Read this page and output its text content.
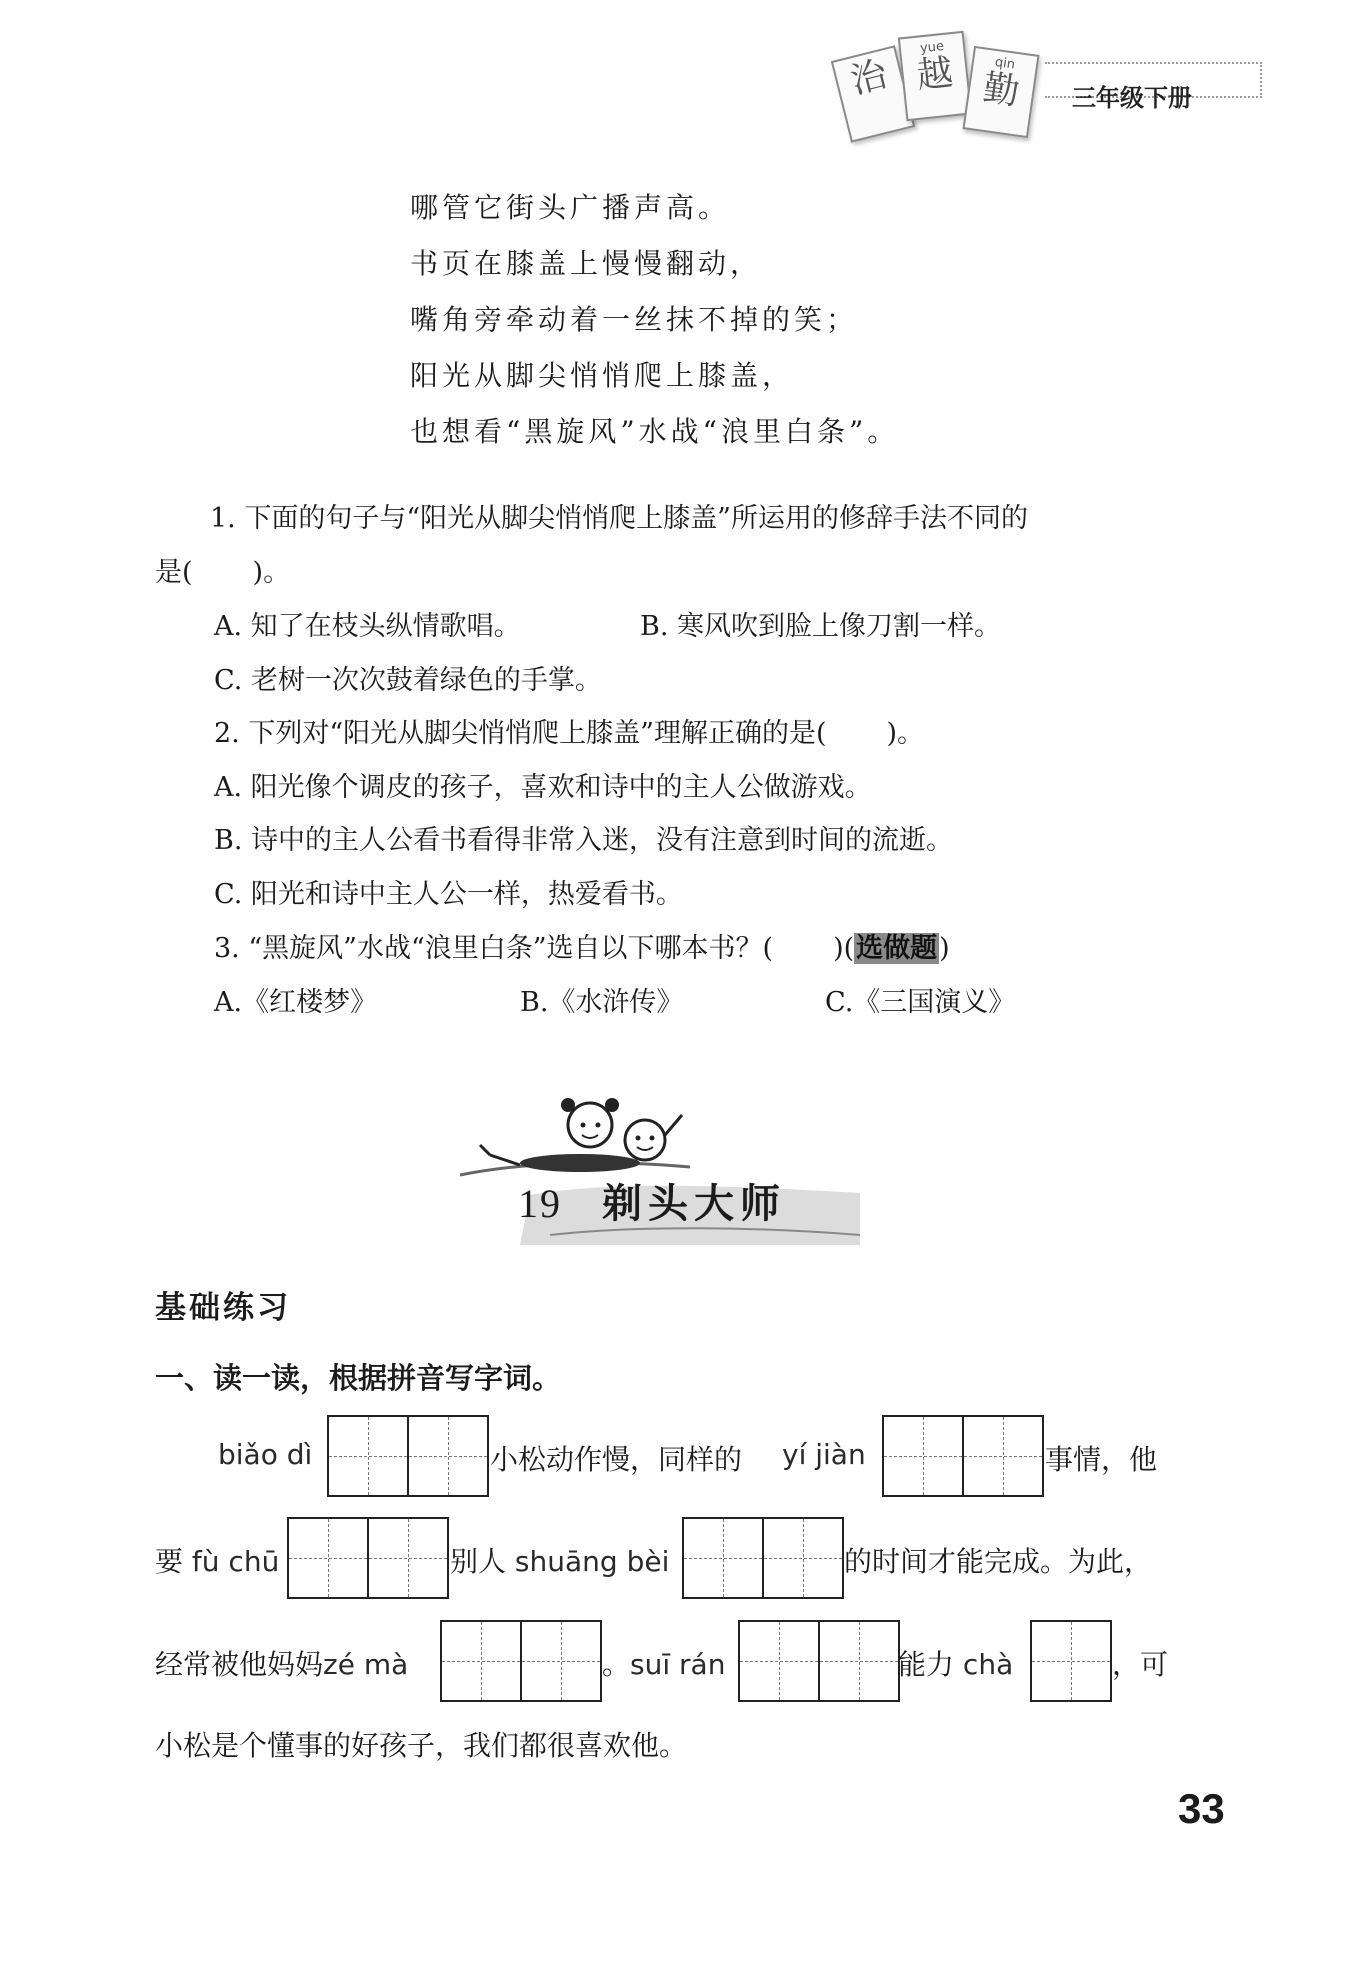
治
yue
越	qin
勤	三年级下册
哪管它街头广播声高。
书页在膝盖上慢慢翻动，
嘴角旁牵动着一丝抹不掉的笑；
阳光从脚尖悄悄爬上膝盖，
也想看“黑旋风”水战“浪里白条”。
1. 下面的句子与“阳光从脚尖悄悄爬上膝盖”所运用的修辞手法不同的
是( )。
A. 知了在枝头纵情歌唱。	B. 寒风吹到脸上像刀割一样。
C. 老树一次次鼓着绿色的手掌。
2. 下列对“阳光从脚尖悄悄爬上膝盖”理解正确的是( )。
A. 阳光像个调皮的孩子，喜欢和诗中的主人公做游戏。
B. 诗中的主人公看书看得非常入迷，没有注意到时间的流逝。
C. 阳光和诗中主人公一样，热爱看书。
3. “黑旋风”水战“浪里白条”选自以下哪本书？( )(选做题)
A.《红楼梦》	B.《水浒传》	C.《三国演义》
19 剃头大师
基础练习
一、读一读，根据拼音写字词。
biǎo dì	小松动作慢，同样的 yí jiàn	事情，他
要 fù chū	别人 shuāng bèi	的时间才能完成。为此，
经常被他妈妈zé mà	。suī rán	能力 chà	，可
小松是个懂事的好孩子，我们都很喜欢他。
33
